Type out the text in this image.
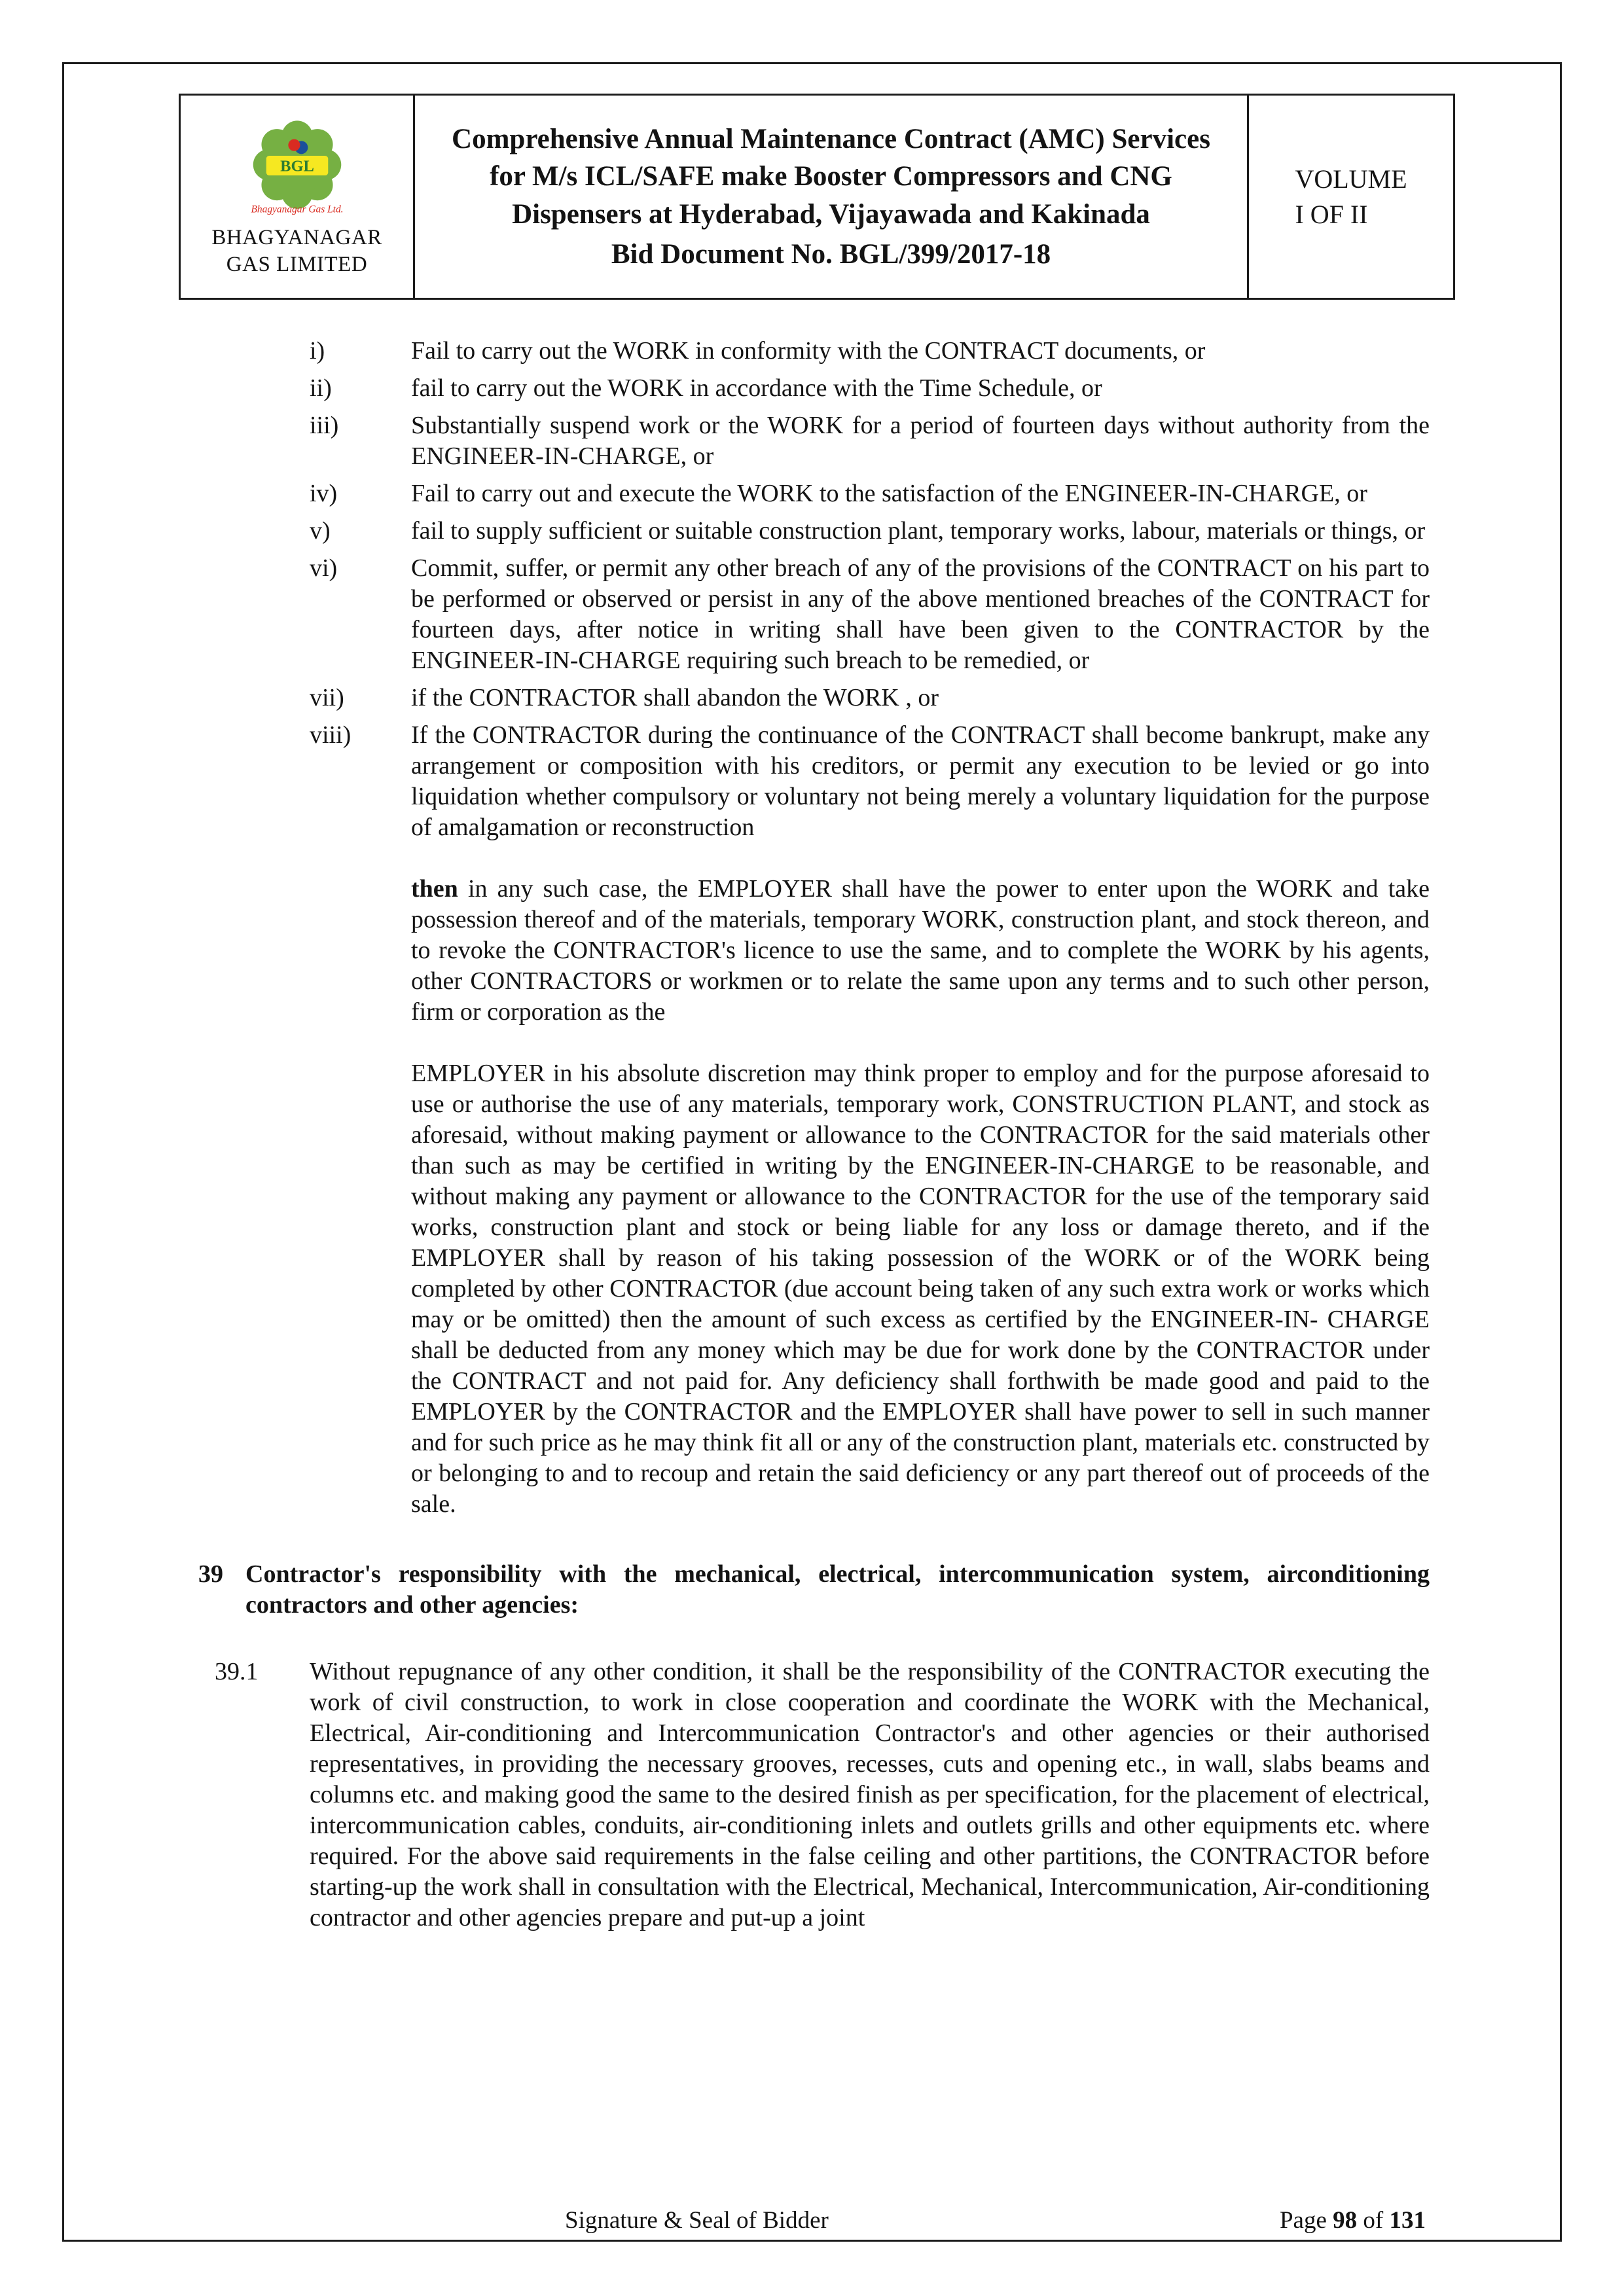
BGL
Bhagyanagar Gas Ltd.
BHAGYANAGAR
GAS LIMITED
Comprehensive Annual Maintenance Contract (AMC) Services for M/s ICL/SAFE make Booster Compressors and CNG Dispensers at Hyderabad, Vijayawada and Kakinada
Bid Document No. BGL/399/2017-18
VOLUME
I OF II
i)	Fail to carry out the WORK in conformity with the CONTRACT documents, or
ii)	fail to carry out the WORK in accordance with the Time Schedule, or
iii)	Substantially suspend work or the WORK for a period of fourteen days without authority from the ENGINEER-IN-CHARGE, or
iv)	Fail to carry out and execute the WORK to the satisfaction of the ENGINEER-IN-CHARGE, or
v)	fail to supply sufficient or suitable construction plant, temporary works, labour, materials or things, or
vi)	Commit, suffer, or permit any other breach of any of the provisions of the CONTRACT on his part to be performed or observed or persist in any of the above mentioned breaches of the CONTRACT for fourteen days, after notice in writing shall have been given to the CONTRACTOR by the ENGINEER-IN-CHARGE requiring such breach to be remedied, or
vii)	if the CONTRACTOR shall abandon the WORK , or
viii)	If the CONTRACTOR during the continuance of the CONTRACT shall become bankrupt, make any arrangement or composition with his creditors, or permit any execution to be levied or go into liquidation whether compulsory or voluntary not being merely a voluntary liquidation for the purpose of amalgamation or reconstruction

then in any such case, the EMPLOYER shall have the power to enter upon the WORK and take possession thereof and of the materials, temporary WORK, construction plant, and stock thereon, and to revoke the CONTRACTOR's licence to use the same, and to complete the WORK by his agents, other CONTRACTORS or workmen or to relate the same upon any terms and to such other person, firm or corporation as the

EMPLOYER in his absolute discretion may think proper to employ and for the purpose aforesaid to use or authorise the use of any materials, temporary work, CONSTRUCTION PLANT, and stock as aforesaid, without making payment or allowance to the CONTRACTOR for the said materials other than such as may be certified in writing by the ENGINEER-IN-CHARGE to be reasonable, and without making any payment or allowance to the CONTRACTOR for the use of the temporary said works, construction plant and stock or being liable for any loss or damage thereto, and if the EMPLOYER shall by reason of his taking possession of the WORK or of the WORK being completed by other CONTRACTOR (due account being taken of any such extra work or works which may or be omitted) then the amount of such excess as certified by the ENGINEER-IN- CHARGE shall be deducted from any money which may be due for work done by the CONTRACTOR under the CONTRACT and not paid for. Any deficiency shall forthwith be made good and paid to the EMPLOYER by the CONTRACTOR and the EMPLOYER shall have power to sell in such manner and for such price as he may think fit all or any of the construction plant, materials etc. constructed by or belonging to and to recoup and retain the said deficiency or any part thereof out of proceeds of the sale.

39 Contractor's responsibility with the mechanical, electrical, intercommunication system, airconditioning contractors and other agencies:
39.1	Without repugnance of any other condition, it shall be the responsibility of the CONTRACTOR executing the work of civil construction, to work in close cooperation and coordinate the WORK with the Mechanical, Electrical, Air-conditioning and Intercommunication Contractor's and other agencies or their authorised representatives, in providing the necessary grooves, recesses, cuts and opening etc., in wall, slabs beams and columns etc. and making good the same to the desired finish as per specification, for the placement of electrical, intercommunication cables, conduits, air-conditioning inlets and outlets grills and other equipments etc. where required. For the above said requirements in the false ceiling and other partitions, the CONTRACTOR before starting-up the work shall in consultation with the Electrical, Mechanical, Intercommunication, Air-conditioning contractor and other agencies prepare and put-up a joint
Signature & Seal of Bidder	Page 98 of 131
